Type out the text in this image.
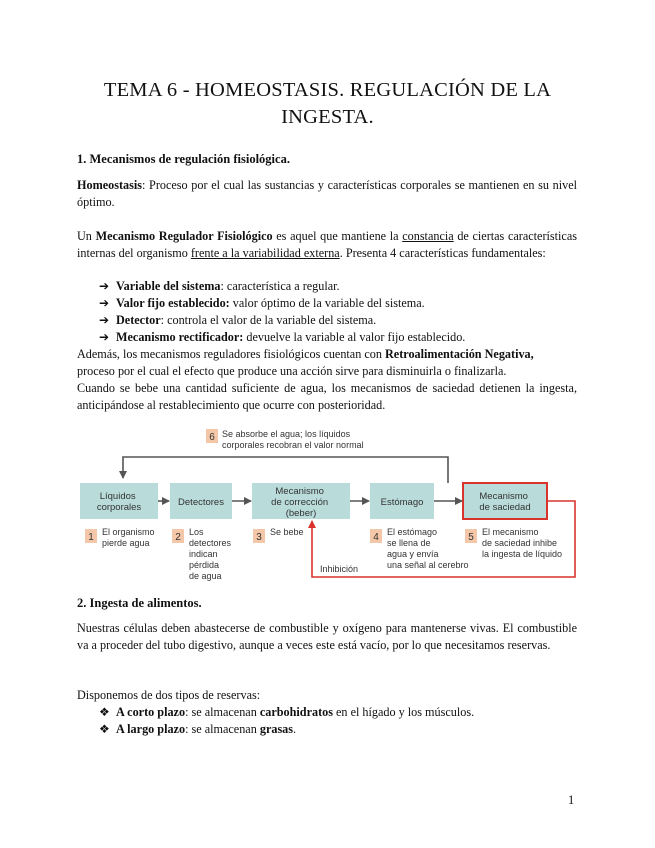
TEMA 6 - HOMEOSTASIS. REGULACIÓN DE LA INGESTA.
1. Mecanismos de regulación fisiológica.
Homeostasis: Proceso por el cual las sustancias y características corporales se mantienen en su nivel óptimo.
Un Mecanismo Regulador Fisiológico es aquel que mantiene la constancia de ciertas características internas del organismo frente a la variabilidad externa. Presenta 4 características fundamentales:
➔ Variable del sistema: característica a regular.
➔ Valor fijo establecido: valor óptimo de la variable del sistema.
➔ Detector: controla el valor de la variable del sistema.
➔ Mecanismo rectificador: devuelve la variable al valor fijo establecido.
Además, los mecanismos reguladores fisiológicos cuentan con Retroalimentación Negativa,
proceso por el cual el efecto que produce una acción sirve para disminuirla o finalizarla.
Cuando se bebe una cantidad suficiente de agua, los mecanismos de saciedad detienen la ingesta, anticipándose al restablecimiento que ocurre con posterioridad.
6 Se absorbe el agua; los líquidos corporales recobran el valor normal
Líquidos corporales	Detectores
Mecanismo de corrección (beber)
Estómago
Mecanismo de saciedad
1 El organismo pierde agua	2 Los detectores indican pérdida de agua
3 Se bebe	4 El estómago se llena de agua y envía una señal al cerebro
5 El mecanismo de saciedad inhibe la ingesta de líquido
Inhibición
2. Ingesta de alimentos.
Nuestras células deben abastecerse de combustible y oxígeno para mantenerse vivas. El combustible va a proceder del tubo digestivo, aunque a veces este está vacío, por lo que necesitamos reservas.
Disponemos de dos tipos de reservas:
❖ A corto plazo: se almacenan carbohidratos en el hígado y los músculos.
❖ A largo plazo: se almacenan grasas.
1
